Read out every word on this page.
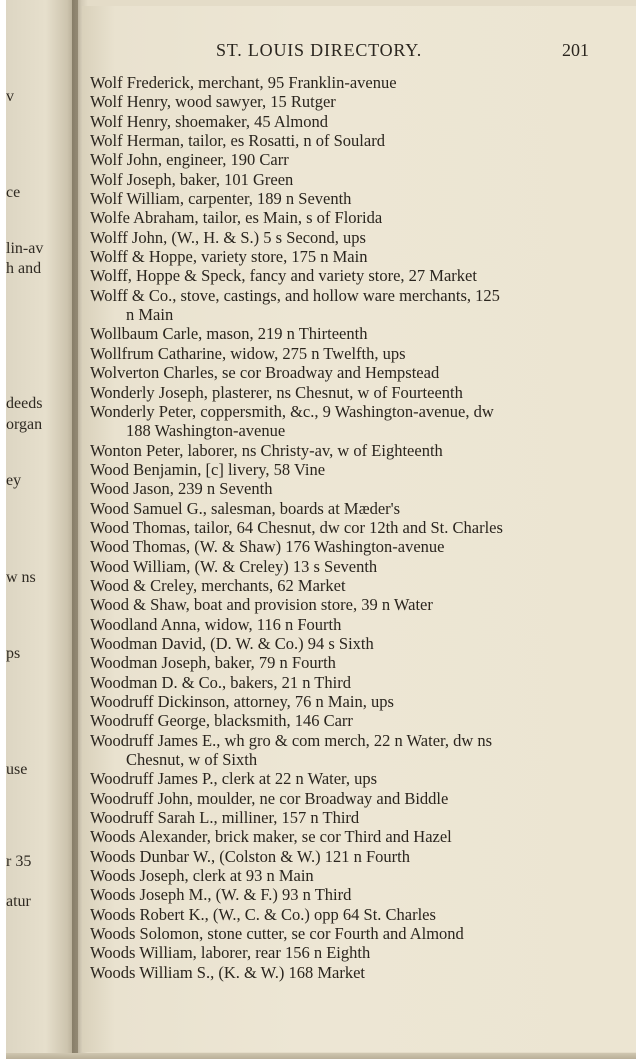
v
ce
lin-av
h and
deeds
organ
ey
w ns
ps
use
r 35
atur
ST. LOUIS DIRECTORY.	201
Wolf Frederick, merchant, 95 Franklin-avenue
Wolf Henry, wood sawyer, 15 Rutger
Wolf Henry, shoemaker, 45 Almond
Wolf Herman, tailor, es Rosatti, n of Soulard
Wolf John, engineer, 190 Carr
Wolf Joseph, baker, 101 Green
Wolf William, carpenter, 189 n Seventh
Wolfe Abraham, tailor, es Main, s of Florida
Wolff John, (W., H. & S.) 5 s Second, ups
Wolff & Hoppe, variety store, 175 n Main
Wolff, Hoppe & Speck, fancy and variety store, 27 Market
Wolff & Co., stove, castings, and hollow ware merchants, 125
n Main
Wollbaum Carle, mason, 219 n Thirteenth
Wollfrum Catharine, widow, 275 n Twelfth, ups
Wolverton Charles, se cor Broadway and Hempstead
Wonderly Joseph, plasterer, ns Chesnut, w of Fourteenth
Wonderly Peter, coppersmith, &c., 9 Washington-avenue, dw
188 Washington-avenue
Wonton Peter, laborer, ns Christy-av, w of Eighteenth
Wood Benjamin, [c] livery, 58 Vine
Wood Jason, 239 n Seventh
Wood Samuel G., salesman, boards at Mæder's
Wood Thomas, tailor, 64 Chesnut, dw cor 12th and St. Charles
Wood Thomas, (W. & Shaw) 176 Washington-avenue
Wood William, (W. & Creley) 13 s Seventh
Wood & Creley, merchants, 62 Market
Wood & Shaw, boat and provision store, 39 n Water
Woodland Anna, widow, 116 n Fourth
Woodman David, (D. W. & Co.) 94 s Sixth
Woodman Joseph, baker, 79 n Fourth
Woodman D. & Co., bakers, 21 n Third
Woodruff Dickinson, attorney, 76 n Main, ups
Woodruff George, blacksmith, 146 Carr
Woodruff James E., wh gro & com merch, 22 n Water, dw ns
Chesnut, w of Sixth
Woodruff James P., clerk at 22 n Water, ups
Woodruff John, moulder, ne cor Broadway and Biddle
Woodruff Sarah L., milliner, 157 n Third
Woods Alexander, brick maker, se cor Third and Hazel
Woods Dunbar W., (Colston & W.) 121 n Fourth
Woods Joseph, clerk at 93 n Main
Woods Joseph M., (W. & F.) 93 n Third
Woods Robert K., (W., C. & Co.) opp 64 St. Charles
Woods Solomon, stone cutter, se cor Fourth and Almond
Woods William, laborer, rear 156 n Eighth
Woods William S., (K. & W.) 168 Market
